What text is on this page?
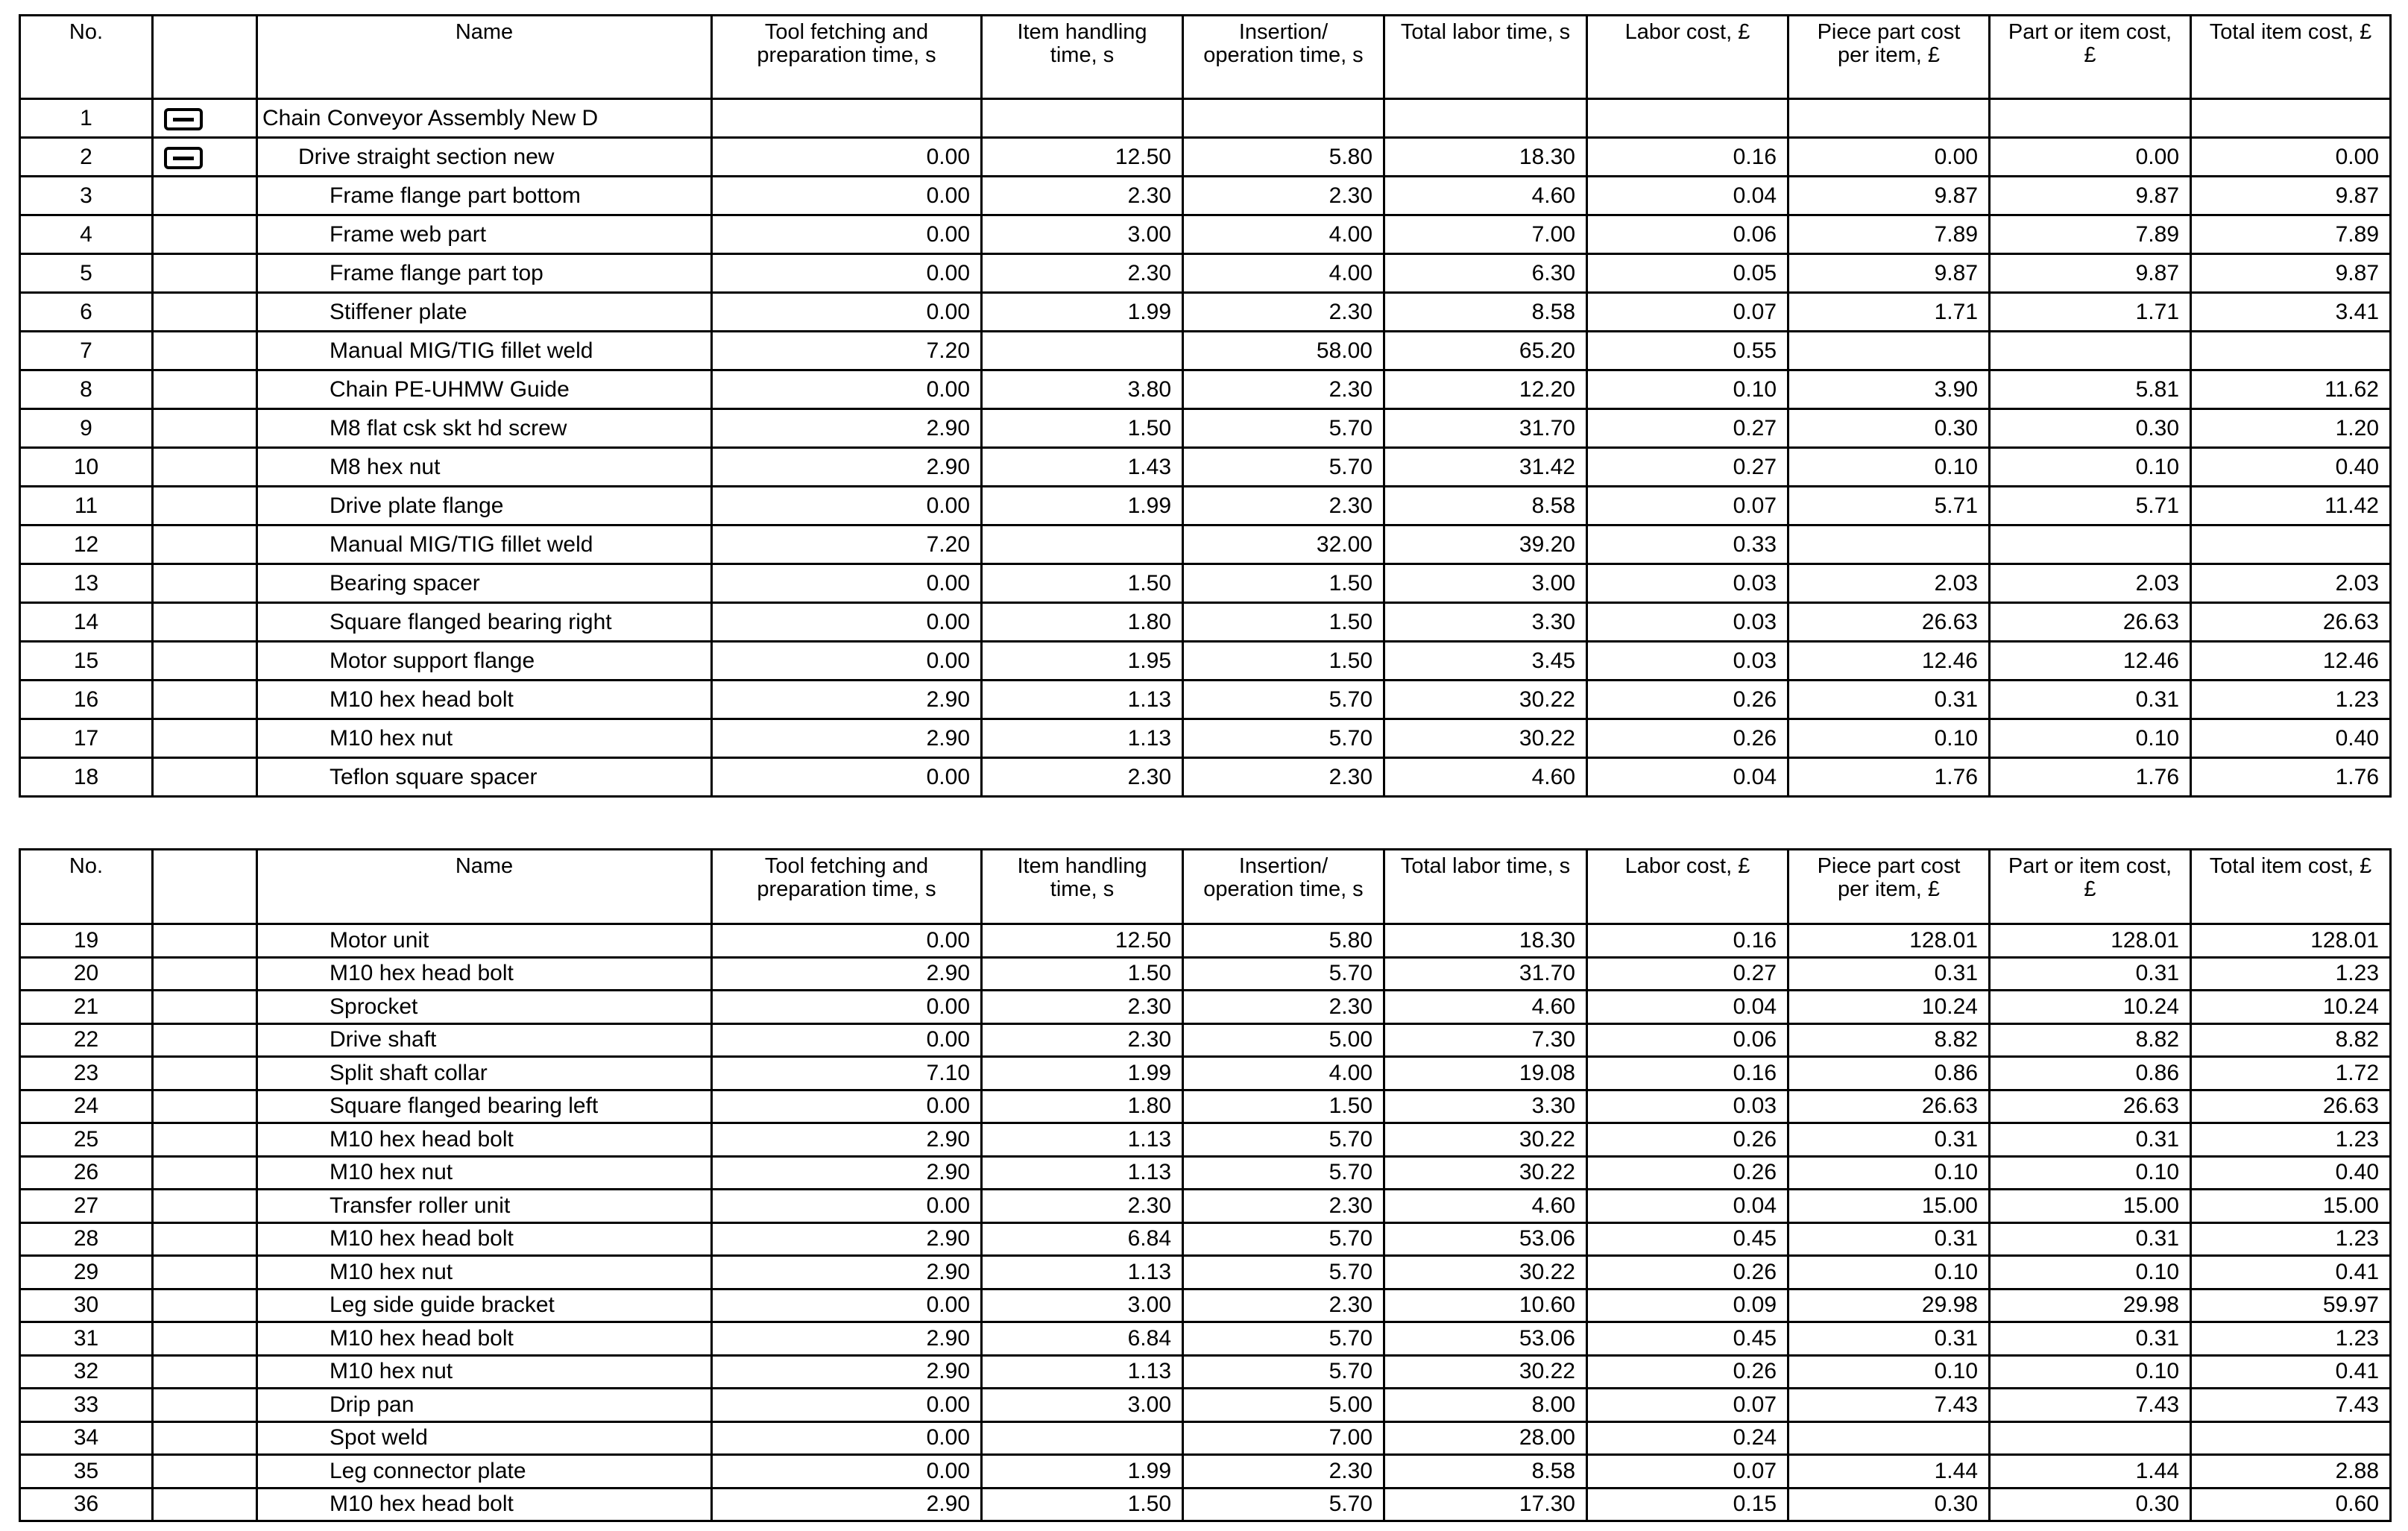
No.		Name	Tool fetching and preparation time, s	Item handling time, s	Insertion/ operation time, s	Total labor time, s	Labor cost, £	Piece part cost per item, £	Part or item cost, £	Total item cost, £
1		Chain Conveyor Assembly New D								
2		Drive straight section new	0.00	12.50	5.80	18.30	0.16	0.00	0.00	0.00
3		Frame flange part bottom	0.00	2.30	2.30	4.60	0.04	9.87	9.87	9.87
4		Frame web part	0.00	3.00	4.00	7.00	0.06	7.89	7.89	7.89
5		Frame flange part top	0.00	2.30	4.00	6.30	0.05	9.87	9.87	9.87
6		Stiffener plate	0.00	1.99	2.30	8.58	0.07	1.71	1.71	3.41
7		Manual MIG/TIG fillet weld	7.20		58.00	65.20	0.55			
8		Chain PE-UHMW Guide	0.00	3.80	2.30	12.20	0.10	3.90	5.81	11.62
9		M8 flat csk skt hd screw	2.90	1.50	5.70	31.70	0.27	0.30	0.30	1.20
10		M8 hex nut	2.90	1.43	5.70	31.42	0.27	0.10	0.10	0.40
11		Drive plate flange	0.00	1.99	2.30	8.58	0.07	5.71	5.71	11.42
12		Manual MIG/TIG fillet weld	7.20		32.00	39.20	0.33			
13		Bearing spacer	0.00	1.50	1.50	3.00	0.03	2.03	2.03	2.03
14		Square flanged bearing right	0.00	1.80	1.50	3.30	0.03	26.63	26.63	26.63
15		Motor support flange	0.00	1.95	1.50	3.45	0.03	12.46	12.46	12.46
16		M10 hex head bolt	2.90	1.13	5.70	30.22	0.26	0.31	0.31	1.23
17		M10 hex nut	2.90	1.13	5.70	30.22	0.26	0.10	0.10	0.40
18		Teflon square spacer	0.00	2.30	2.30	4.60	0.04	1.76	1.76	1.76
No.		Name	Tool fetching and preparation time, s	Item handling time, s	Insertion/ operation time, s	Total labor time, s	Labor cost, £	Piece part cost per item, £	Part or item cost, £	Total item cost, £
19		Motor unit	0.00	12.50	5.80	18.30	0.16	128.01	128.01	128.01
20		M10 hex head bolt	2.90	1.50	5.70	31.70	0.27	0.31	0.31	1.23
21		Sprocket	0.00	2.30	2.30	4.60	0.04	10.24	10.24	10.24
22		Drive shaft	0.00	2.30	5.00	7.30	0.06	8.82	8.82	8.82
23		Split shaft collar	7.10	1.99	4.00	19.08	0.16	0.86	0.86	1.72
24		Square flanged bearing left	0.00	1.80	1.50	3.30	0.03	26.63	26.63	26.63
25		M10 hex head bolt	2.90	1.13	5.70	30.22	0.26	0.31	0.31	1.23
26		M10 hex nut	2.90	1.13	5.70	30.22	0.26	0.10	0.10	0.40
27		Transfer roller unit	0.00	2.30	2.30	4.60	0.04	15.00	15.00	15.00
28		M10 hex head bolt	2.90	6.84	5.70	53.06	0.45	0.31	0.31	1.23
29		M10 hex nut	2.90	1.13	5.70	30.22	0.26	0.10	0.10	0.41
30		Leg side guide bracket	0.00	3.00	2.30	10.60	0.09	29.98	29.98	59.97
31		M10 hex head bolt	2.90	6.84	5.70	53.06	0.45	0.31	0.31	1.23
32		M10 hex nut	2.90	1.13	5.70	30.22	0.26	0.10	0.10	0.41
33		Drip pan	0.00	3.00	5.00	8.00	0.07	7.43	7.43	7.43
34		Spot weld	0.00		7.00	28.00	0.24			
35		Leg connector plate	0.00	1.99	2.30	8.58	0.07	1.44	1.44	2.88
36		M10 hex head bolt	2.90	1.50	5.70	17.30	0.15	0.30	0.30	0.60
